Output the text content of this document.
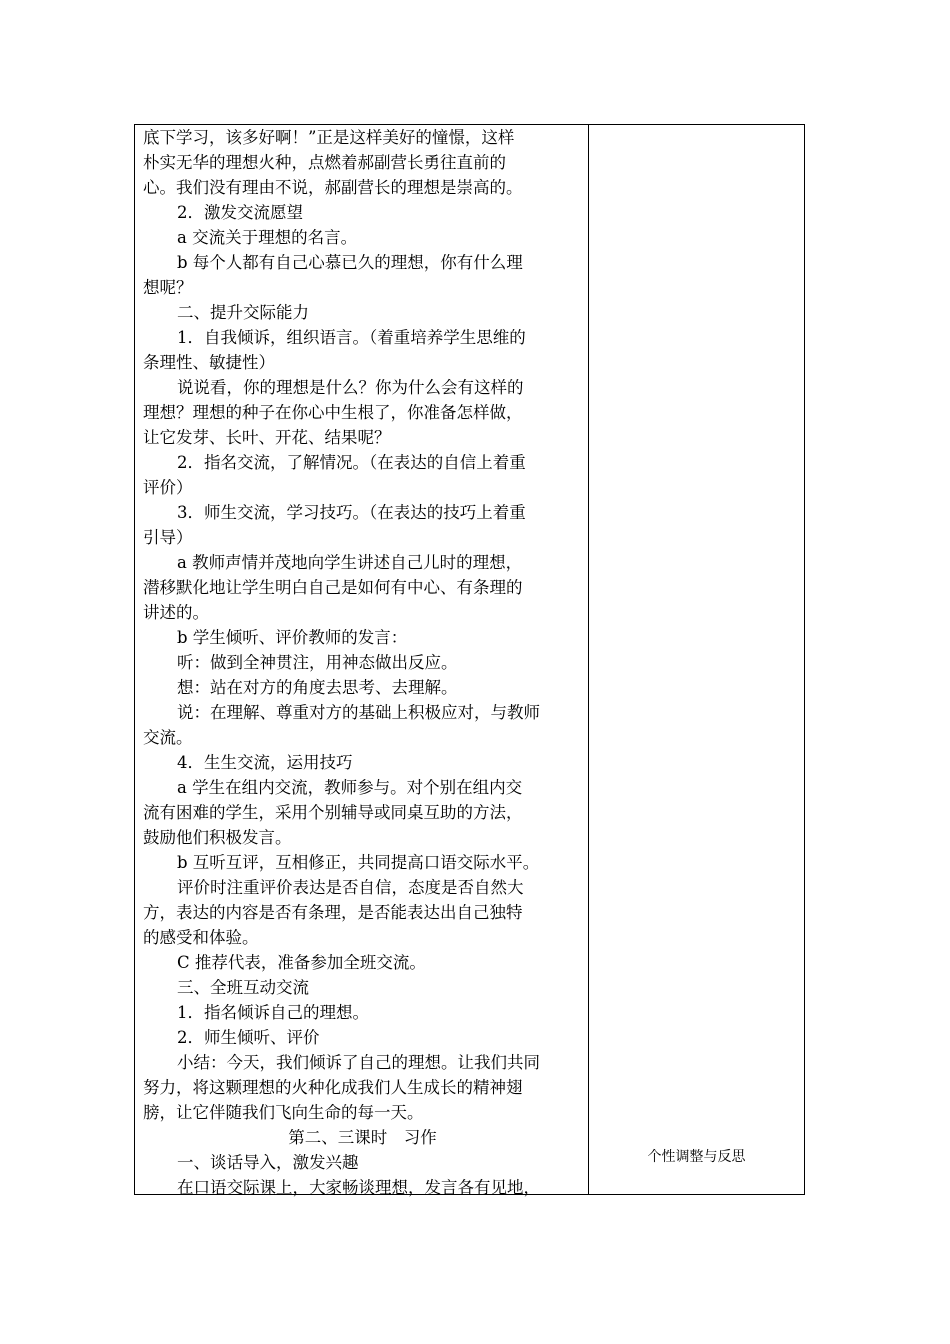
底下学习，该多好啊！”正是这样美好的憧憬，这样
朴实无华的理想火种，点燃着郝副营长勇往直前的
心。我们没有理由不说，郝副营长的理想是崇高的。
2．激发交流愿望
a 交流关于理想的名言。
b 每个人都有自己心慕已久的理想，你有什么理
想呢？
二、提升交际能力
1．自我倾诉，组织语言。（着重培养学生思维的
条理性、敏捷性）
说说看，你的理想是什么？你为什么会有这样的
理想？理想的种子在你心中生根了，你准备怎样做，
让它发芽、长叶、开花、结果呢？
2．指名交流，了解情况。（在表达的自信上着重
评价）
3．师生交流，学习技巧。（在表达的技巧上着重
引导）
a 教师声情并茂地向学生讲述自己儿时的理想，
潜移默化地让学生明白自己是如何有中心、有条理的
讲述的。
b 学生倾听、评价教师的发言：
听：做到全神贯注，用神态做出反应。
想：站在对方的角度去思考、去理解。
说：在理解、尊重对方的基础上积极应对，与教师
交流。
4．生生交流，运用技巧
a 学生在组内交流，教师参与。对个别在组内交
流有困难的学生，采用个别辅导或同桌互助的方法，
鼓励他们积极发言。
b 互听互评，互相修正，共同提高口语交际水平。
评价时注重评价表达是否自信，态度是否自然大
方，表达的内容是否有条理，是否能表达出自己独特
的感受和体验。
C 推荐代表，准备参加全班交流。
三、全班互动交流
1．指名倾诉自己的理想。
2．师生倾听、评价
小结：今天，我们倾诉了自己的理想。让我们共同
努力，将这颗理想的火种化成我们人生成长的精神翅
膀，让它伴随我们飞向生命的每一天。
第二、三课时　习作
一、谈话导入，激发兴趣
在口语交际课上，大家畅谈理想，发言各有见地，
个性调整与反思
